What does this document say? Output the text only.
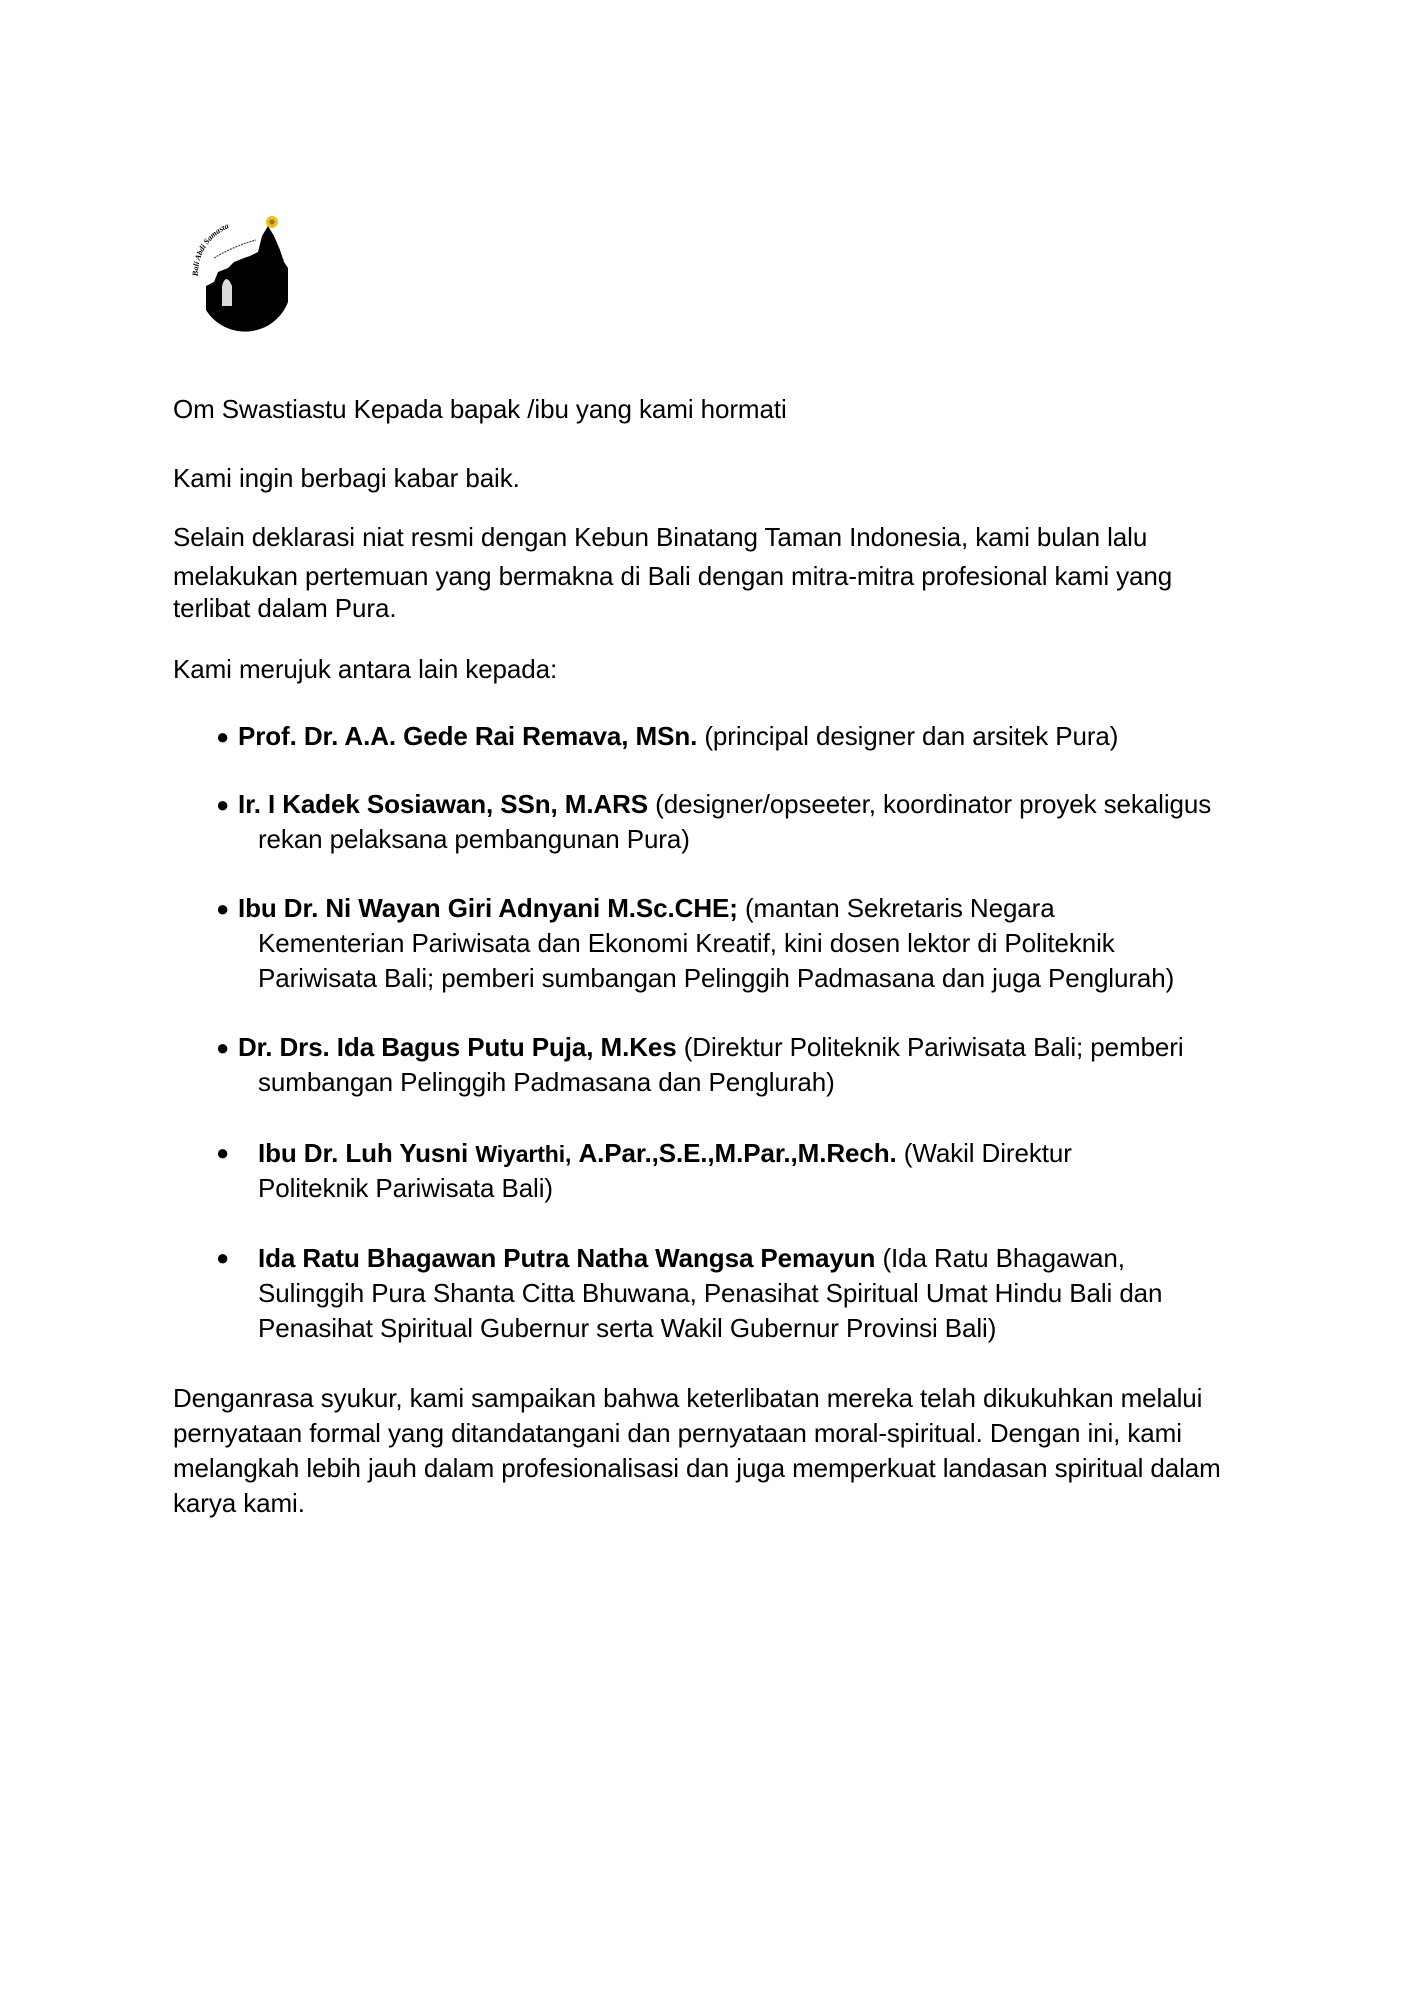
Bali Abdi Samasta
BAS
Om Swastiastu Kepada bapak /ibu yang kami hormati
Kami ingin berbagi kabar baik.
Selain deklarasi niat resmi dengan Kebun Binatang Taman Indonesia, kami bulan lalu
melakukan pertemuan yang bermakna di Bali dengan mitra-mitra profesional kami yang
terlibat dalam Pura.
Kami merujuk antara lain kepada:
● Prof. Dr. A.A. Gede Rai Remava, MSn. (principal designer dan arsitek Pura)
● Ir. I Kadek Sosiawan, SSn, M.ARS (designer/opseeter, koordinator proyek sekaligus
rekan pelaksana pembangunan Pura)
● Ibu Dr. Ni Wayan Giri Adnyani M.Sc.CHE; (mantan Sekretaris Negara
Kementerian Pariwisata dan Ekonomi Kreatif, kini dosen lektor di Politeknik
Pariwisata Bali; pemberi sumbangan Pelinggih Padmasana dan juga Penglurah)
● Dr. Drs. Ida Bagus Putu Puja, M.Kes (Direktur Politeknik Pariwisata Bali; pemberi
sumbangan Pelinggih Padmasana dan Penglurah)
● Ibu Dr. Luh Yusni Wiyarthi, A.Par.,S.E.,M.Par.,M.Rech. (Wakil Direktur
Politeknik Pariwisata Bali)
● Ida Ratu Bhagawan Putra Natha Wangsa Pemayun (Ida Ratu Bhagawan,
Sulinggih Pura Shanta Citta Bhuwana, Penasihat Spiritual Umat Hindu Bali dan
Penasihat Spiritual Gubernur serta Wakil Gubernur Provinsi Bali)
Denganrasa syukur, kami sampaikan bahwa keterlibatan mereka telah dikukuhkan melalui
pernyataan formal yang ditandatangani dan pernyataan moral-spiritual. Dengan ini, kami
melangkah lebih jauh dalam profesionalisasi dan juga memperkuat landasan spiritual dalam
karya kami.
